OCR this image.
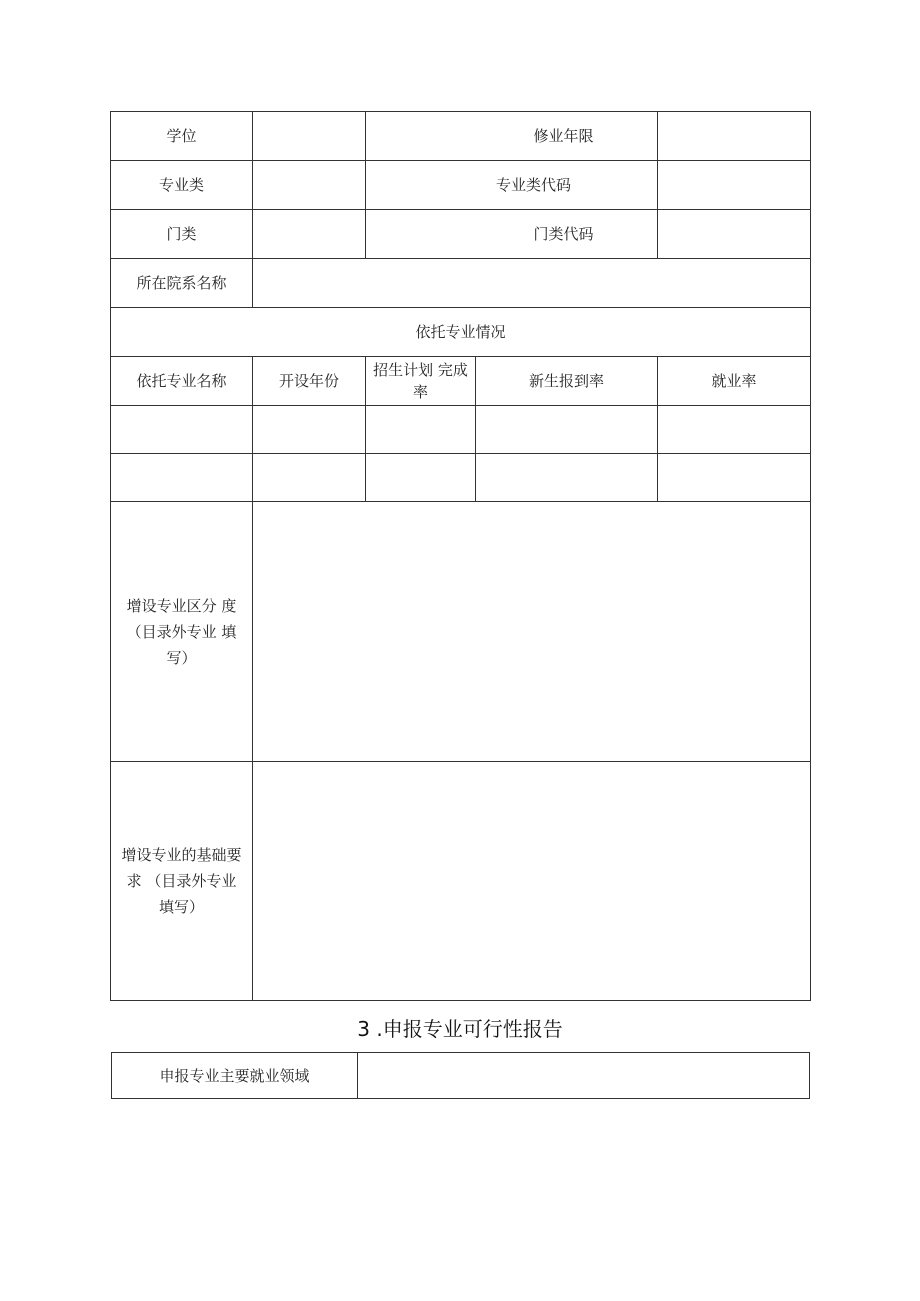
学位		修业年限		
专业类		专业类代码		
门类		门类代码		
所在院系名称				
依托专业情况				
依托专业名称	开设年份	招生计划 完成率	新生报到率	就业率

增设专业区分 度（目录外专业 填写）				
增设专业的基础要求 （目录外专业 填写）				
3 .申报专业可行性报告
申报专业主要就业领域	
